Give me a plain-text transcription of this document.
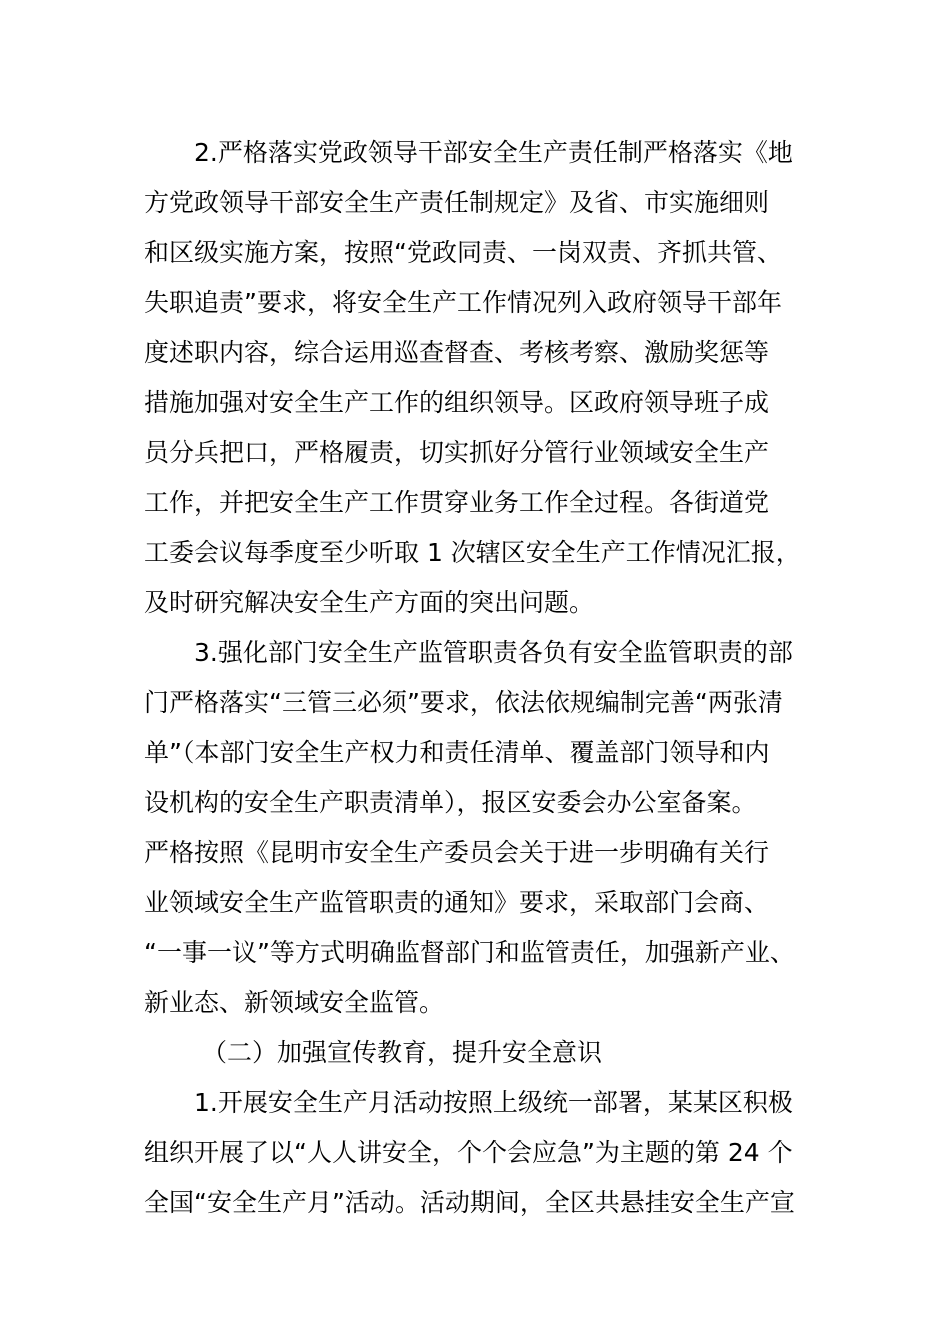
2.严格落实党政领导干部安全生产责任制严格落实《地
方党政领导干部安全生产责任制规定》及省、市实施细则
和区级实施方案，按照“党政同责、一岗双责、齐抓共管、
失职追责”要求，将安全生产工作情况列入政府领导干部年
度述职内容，综合运用巡查督查、考核考察、激励奖惩等
措施加强对安全生产工作的组织领导。区政府领导班子成
员分兵把口，严格履责，切实抓好分管行业领域安全生产
工作，并把安全生产工作贯穿业务工作全过程。各街道党
工委会议每季度至少听取 1 次辖区安全生产工作情况汇报，
及时研究解决安全生产方面的突出问题。
3.强化部门安全生产监管职责各负有安全监管职责的部
门严格落实“三管三必须”要求，依法依规编制完善“两张清
单”（本部门安全生产权力和责任清单、覆盖部门领导和内
设机构的安全生产职责清单），报区安委会办公室备案。
严格按照《昆明市安全生产委员会关于进一步明确有关行
业领域安全生产监管职责的通知》要求，采取部门会商、
“一事一议”等方式明确监督部门和监管责任，加强新产业、
新业态、新领域安全监管。
（二）加强宣传教育，提升安全意识
1.开展安全生产月活动按照上级统一部署，某某区积极
组织开展了以“人人讲安全，个个会应急”为主题的第 24 个
全国“安全生产月”活动。活动期间，全区共悬挂安全生产宣
